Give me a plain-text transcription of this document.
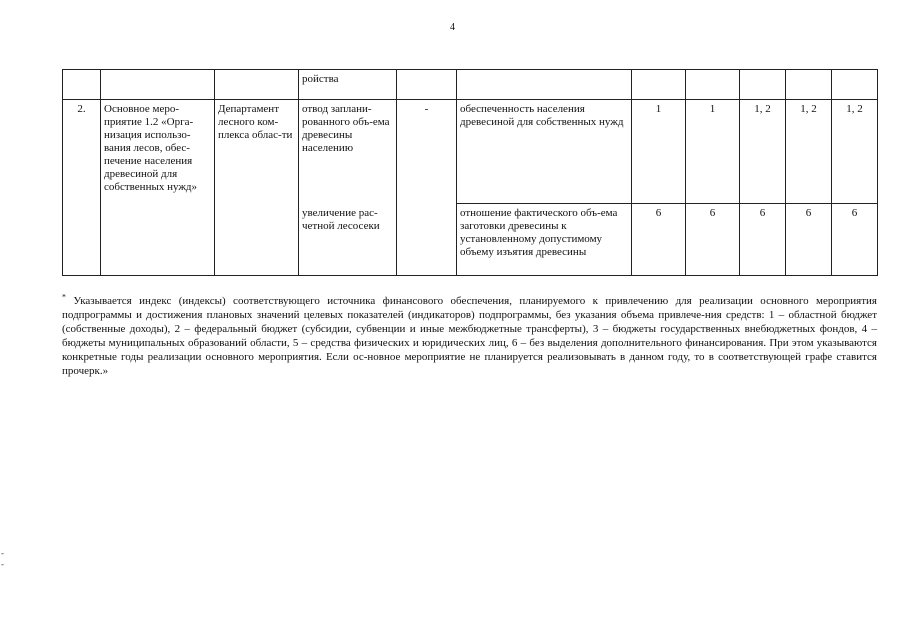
4
			ройства							
2.	Основное меро-приятие 1.2 «Орга-низация использо-вания лесов, обес-печение населения древесиной для собственных нужд»	Департамент лесного ком-плекса облас-ти	отвод заплани-рованного объ-ема древесины населению	-	обеспеченность населения древесиной для собственных нужд	1	1	1, 2	1, 2	1, 2
			увеличение рас-четной лесосеки		отношение фактического объ-ема заготовки древесины к установленному допустимому объему изъятия древесины	6	6	6	6	6
* Указывается индекс (индексы) соответствующего источника финансового обеспечения, планируемого к привлечению для реализации основного мероприятия подпрограммы и достижения плановых значений целевых показателей (индикаторов) подпрограммы, без указания объема привлече-ния средств: 1 – областной бюджет (собственные доходы), 2 – федеральный бюджет (субсидии, субвенции и иные межбюджетные трансферты), 3 – бюджеты государственных внебюджетных фондов, 4 – бюджеты муниципальных образований области, 5 – средства физических и юридических лиц, 6 – без выделения дополнительного финансирования. При этом указываются конкретные годы реализации основного мероприятия. Если ос-новное мероприятие не планируется реализовывать в данном году, то в соответствующей графе ставится прочерк.»
-
-
